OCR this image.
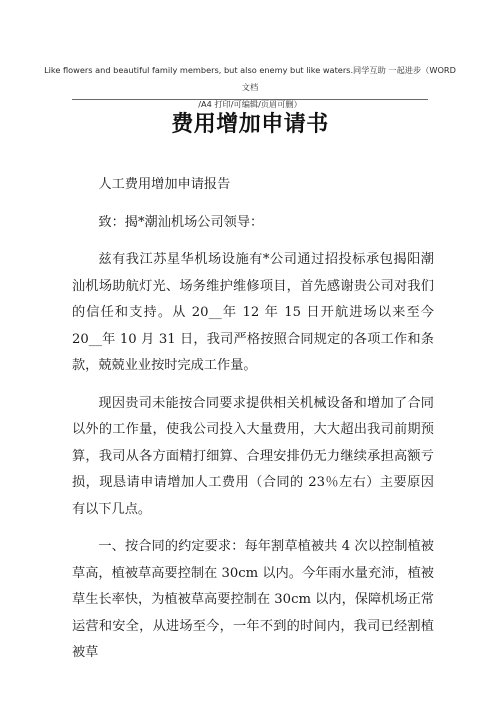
Like flowers and beautiful family members, but also enemy but like waters.同学互助 一起进步（WORD 文档
/A4 打印/可编辑/页眉可删）
费用增加申请书

人工费用增加申请报告

致：揭*潮汕机场公司领导：

兹有我江苏星华机场设施有*公司通过招投标承包揭阳潮汕机场助航灯光、场务维护维修项目，首先感谢贵公司对我们的信任和支持。从 20__年 12 年 15 日开航进场以来至今 20__年 10 月 31 日，我司严格按照合同规定的各项工作和条款，兢兢业业按时完成工作量。

现因贵司未能按合同要求提供相关机械设备和增加了合同以外的工作量，使我公司投入大量费用，大大超出我司前期预算，我司从各方面精打细算、合理安排仍无力继续承担高额亏损，现恳请申请增加人工费用（合同的 23％左右）主要原因有以下几点。

一、按合同的约定要求：每年割草植被共 4 次以控制植被草高，植被草高要控制在 30cm 以内。今年雨水量充沛，植被草生长率快，为植被草高要控制在 30cm 以内，保障机场正常运营和安全，从进场至今，一年不到的时间内，我司已经割植被草
